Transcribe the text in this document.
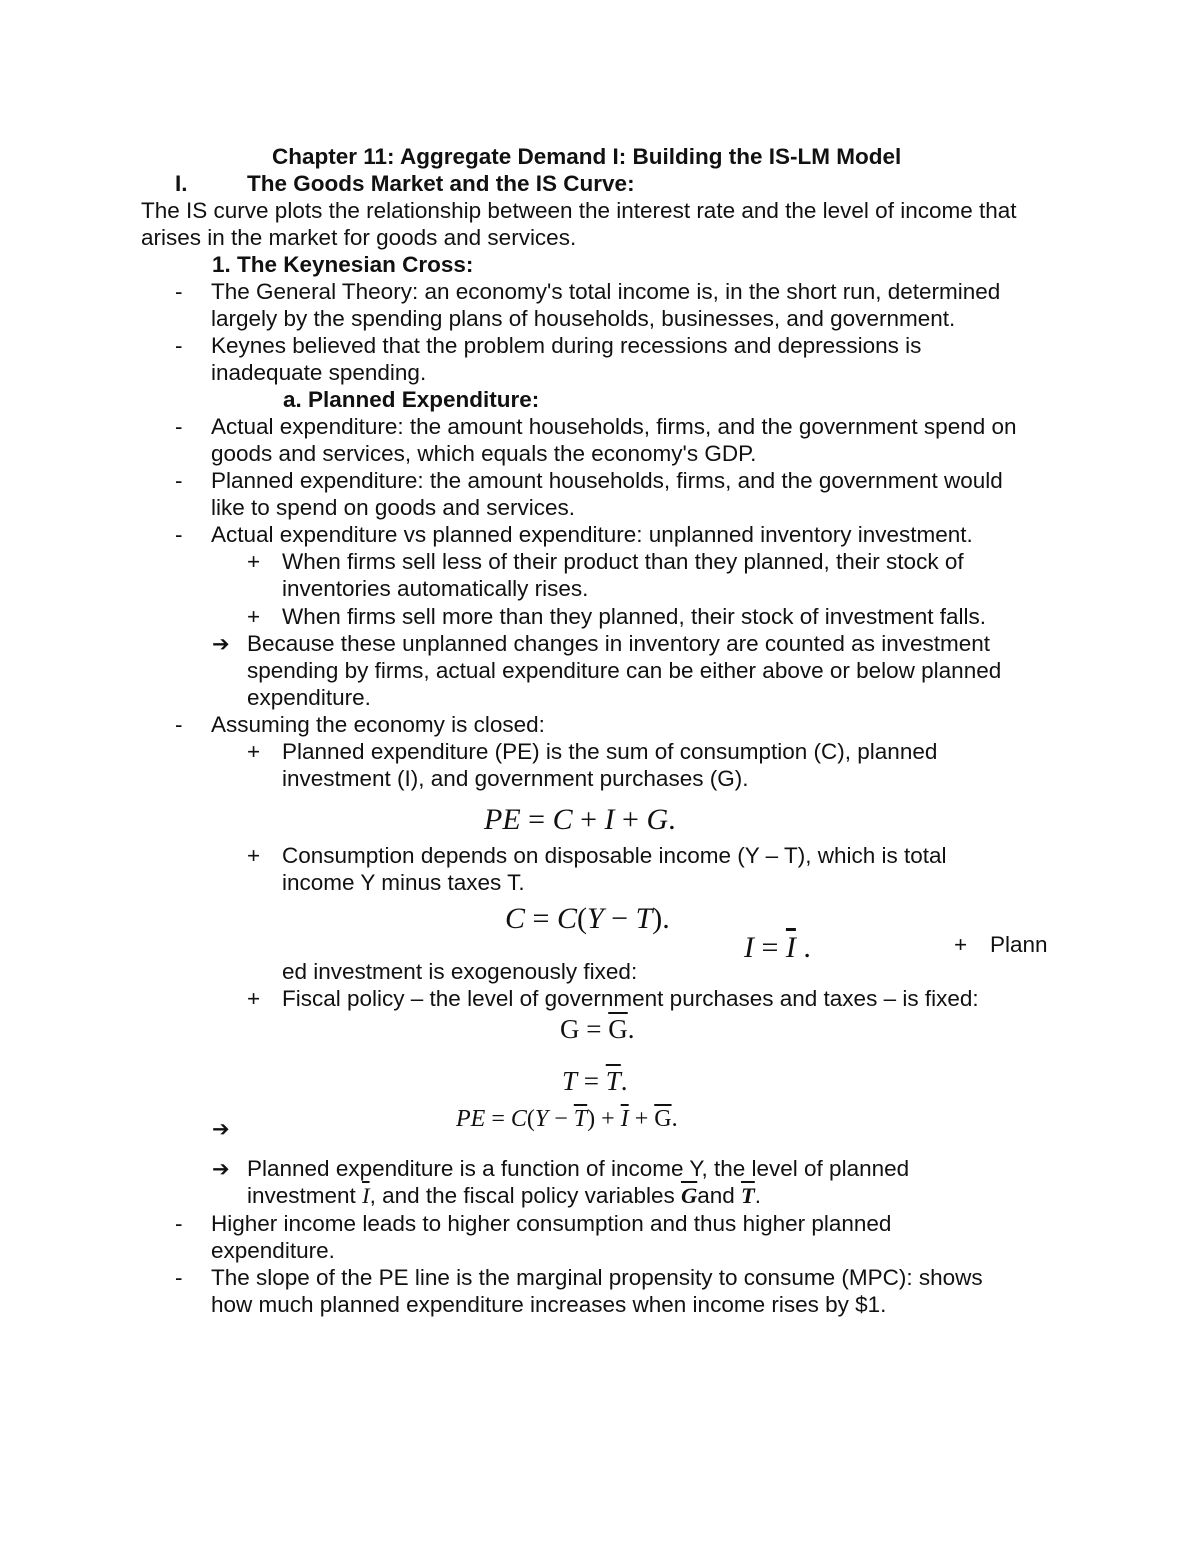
Chapter 11: Aggregate Demand I: Building the IS-LM Model
I.	The Goods Market and the IS Curve:
The IS curve plots the relationship between the interest rate and the level of income that
arises in the market for goods and services.
1. The Keynesian Cross:
- The General Theory: an economy's total income is, in the short run, determined
largely by the spending plans of households, businesses, and government.
- Keynes believed that the problem during recessions and depressions is
inadequate spending.
a. Planned Expenditure:
- Actual expenditure: the amount households, firms, and the government spend on
goods and services, which equals the economy's GDP.
- Planned expenditure: the amount households, firms, and the government would
like to spend on goods and services.
- Actual expenditure vs planned expenditure: unplanned inventory investment.
+ When firms sell less of their product than they planned, their stock of
inventories automatically rises.
+ When firms sell more than they planned, their stock of investment falls.
➔ Because these unplanned changes in inventory are counted as investment
spending by firms, actual expenditure can be either above or below planned
expenditure.
- Assuming the economy is closed:
+ Planned expenditure (PE) is the sum of consumption (C), planned
investment (I), and government purchases (G).
PE = C + I + G.
+ Consumption depends on disposable income (Y – T), which is total
income Y minus taxes T.
C = C(Y − T).
$I = \overline{I}$ .	+ Plann
ed investment is exogenously fixed:
+ Fiscal policy – the level of government purchases and taxes – is fixed:
$G = \overline{G}$.
$T = \overline{T}$.
➔	PE = $C(Y - \overline{T}) + \overline{I} + \overline{G}$.
➔ Planned expenditure is a function of income Y, the level of planned
investment $\overline{I}$, and the fiscal policy variables $\overline{G}and$ $\overline{T}$.
- Higher income leads to higher consumption and thus higher planned
expenditure.
- The slope of the PE line is the marginal propensity to consume (MPC): shows
how much planned expenditure increases when income rises by $1.
